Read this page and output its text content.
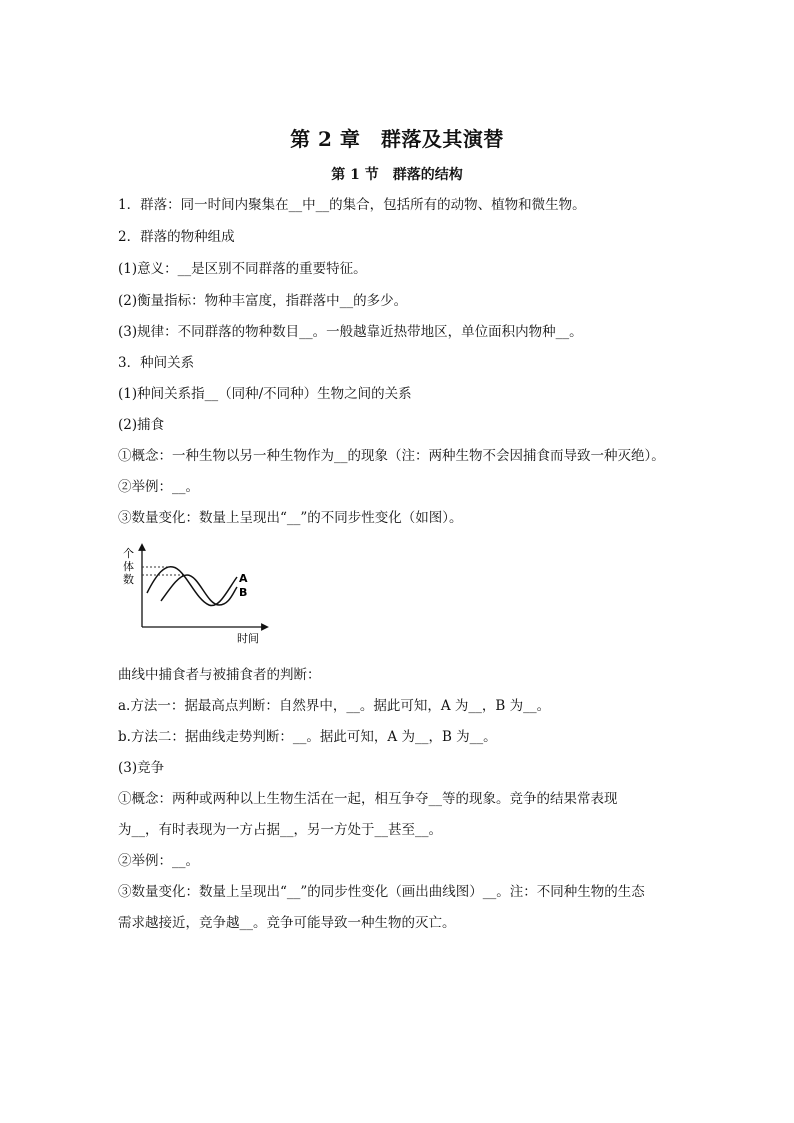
第 2 章　群落及其演替
第 1 节　群落的结构
1．群落：同一时间内聚集在__中__的集合，包括所有的动物、植物和微生物。
2．群落的物种组成
(1)意义：__是区别不同群落的重要特征。
(2)衡量指标：物种丰富度，指群落中__的多少。
(3)规律：不同群落的物种数目__。一般越靠近热带地区，单位面积内物种__。
3．种间关系
(1)种间关系指__（同种/不同种）生物之间的关系
(2)捕食
①概念：一种生物以另一种生物作为__的现象（注：两种生物不会因捕食而导致一种灭绝）。
②举例：__。
③数量变化：数量上呈现出“__”的不同步性变化（如图）。
个
体
数	A
B
时间
曲线中捕食者与被捕食者的判断：
a.方法一：据最高点判断：自然界中，__。据此可知，A 为__，B 为__。
b.方法二：据曲线走势判断：__。据此可知，A 为__，B 为__。
(3)竞争
①概念：两种或两种以上生物生活在一起，相互争夺__等的现象。竞争的结果常表现
为__，有时表现为一方占据__，另一方处于__甚至__。
②举例：__。
③数量变化：数量上呈现出“__”的同步性变化（画出曲线图）__。注：不同种生物的生态
需求越接近，竞争越__。竞争可能导致一种生物的灭亡。
